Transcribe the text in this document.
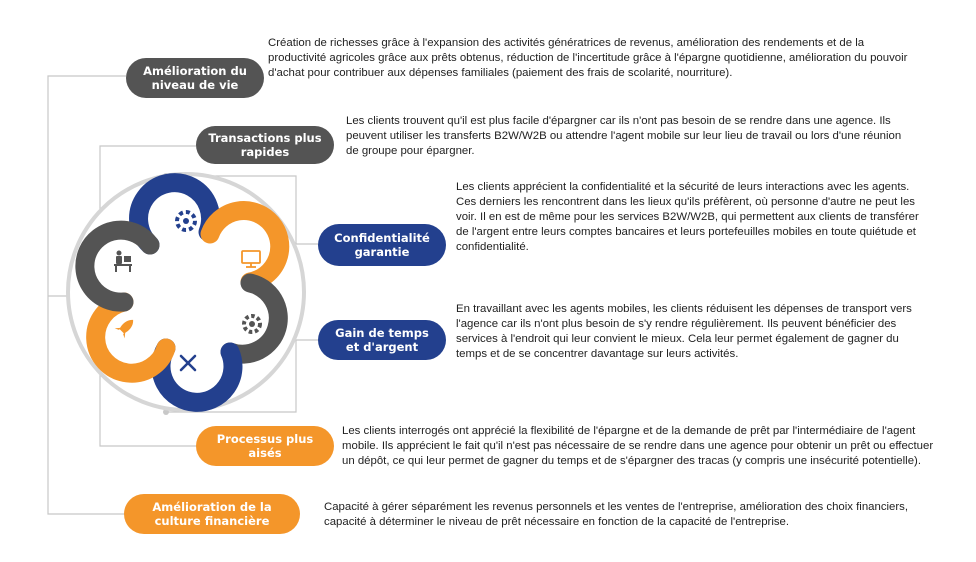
Amélioration du niveau de vie
Transactions plus rapides
Confidentialité garantie
Gain de temps et d'argent
Processus plus aisés
Amélioration de la culture financière
Création de richesses grâce à l'expansion des activités génératrices de revenus, amélioration des rendements et de la productivité agricoles grâce aux prêts obtenus, réduction de l'incertitude grâce à l'épargne quotidienne, amélioration du pouvoir d'achat pour contribuer aux dépenses familiales (paiement des frais de scolarité, nourriture).
Les clients trouvent qu'il est plus facile d'épargner car ils n'ont pas besoin de se rendre dans une agence. Ils peuvent utiliser les transferts B2W/W2B ou attendre l'agent mobile sur leur lieu de travail ou lors d'une réunion de groupe pour épargner.
Les clients apprécient la confidentialité et la sécurité de leurs interactions avec les agents. Ces derniers les rencontrent dans les lieux qu'ils préfèrent, où personne d'autre ne peut les voir. Il en est de même pour les services B2W/W2B, qui permettent aux clients de transférer de l'argent entre leurs comptes bancaires et leurs portefeuilles mobiles en toute quiétude et confidentialité.
En travaillant avec les agents mobiles, les clients réduisent les dépenses de transport vers l'agence car ils n'ont plus besoin de s'y rendre régulièrement. Ils peuvent bénéficier des services à l'endroit qui leur convient le mieux. Cela leur permet également de gagner du temps et de se concentrer davantage sur leurs activités.
Les clients interrogés ont apprécié la flexibilité de l'épargne et de la demande de prêt par l'intermédiaire de l'agent mobile. Ils apprécient le fait qu'il n'est pas nécessaire de se rendre dans une agence pour obtenir un prêt ou effectuer un dépôt, ce qui leur permet de gagner du temps et de s'épargner des tracas (y compris une insécurité potentielle).
Capacité à gérer séparément les revenus personnels et les ventes de l'entreprise, amélioration des choix financiers, capacité à déterminer le niveau de prêt nécessaire en fonction de la capacité de l'entreprise.
